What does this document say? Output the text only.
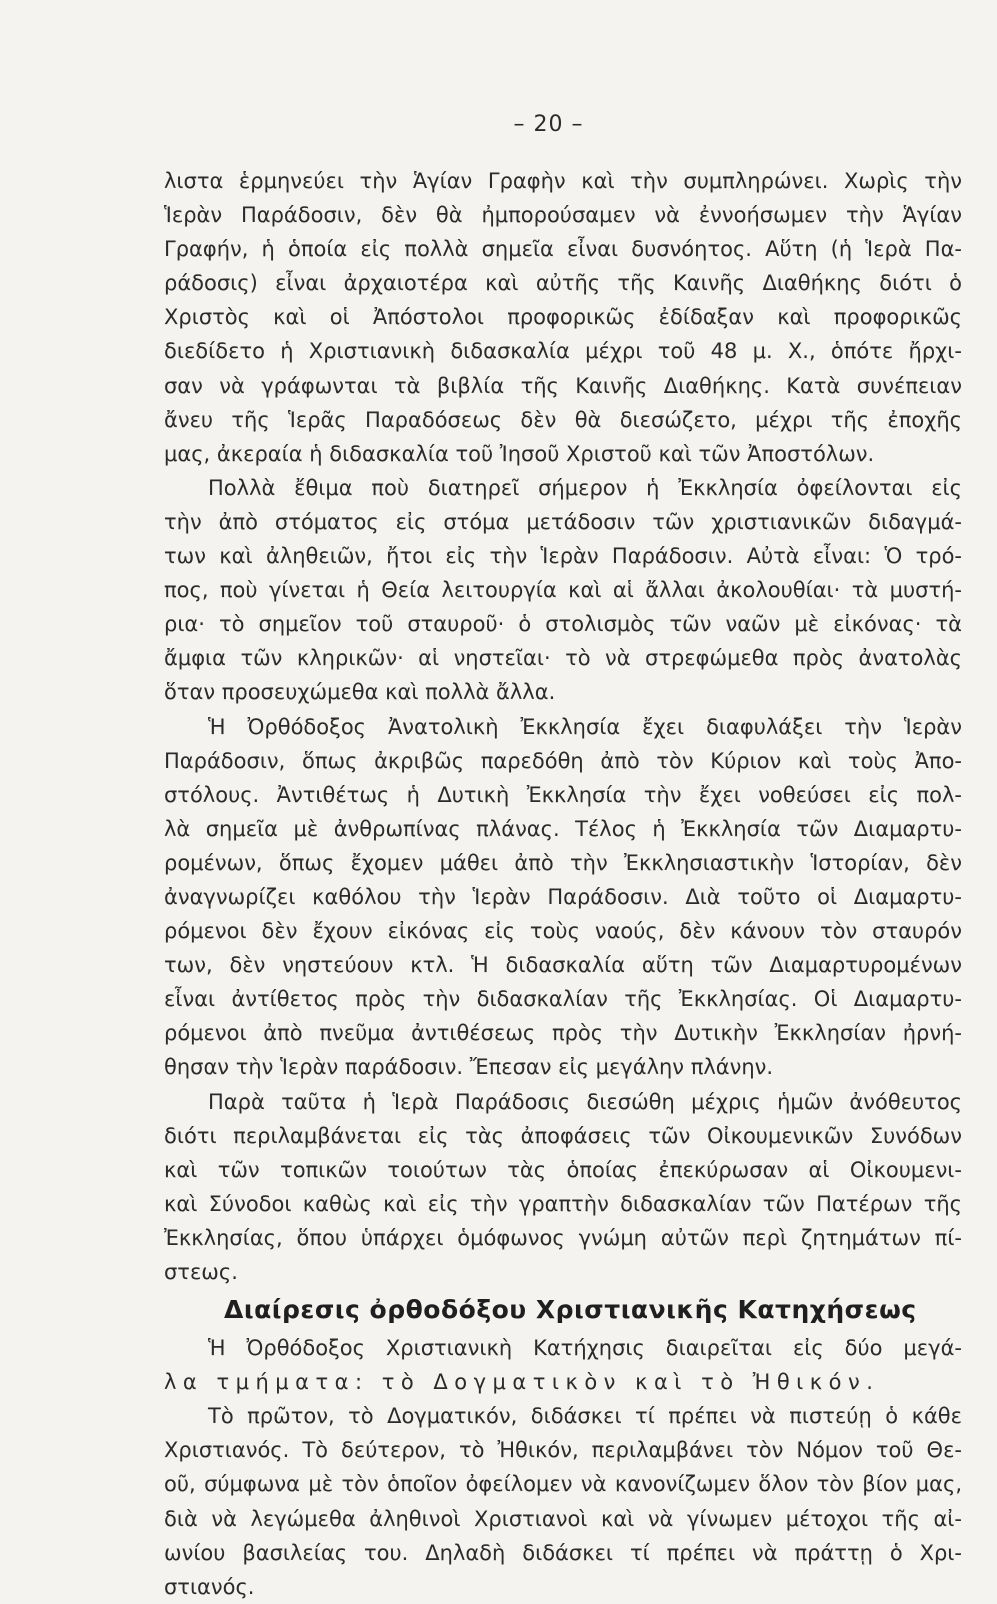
– 20 –
λιστα ἑρμηνεύει τὴν Ἁγίαν Γραφὴν καὶ τὴν συμπληρώνει. Χωρὶς τὴν
Ἱερὰν Παράδοσιν, δὲν θὰ ἠμπορούσαμεν νὰ ἐννοήσωμεν τὴν Ἁγίαν
Γραφήν, ἡ ὁποία εἰς πολλὰ σημεῖα εἶναι δυσνόητος. Αὕτη (ἡ Ἱερὰ Πα-
ράδοσις) εἶναι ἀρχαιοτέρα καὶ αὐτῆς τῆς Καινῆς Διαθήκης διότι ὁ
Χριστὸς καὶ οἱ Ἀπόστολοι προφορικῶς ἐδίδαξαν καὶ προφορικῶς
διεδίδετο ἡ Χριστιανικὴ διδασκαλία μέχρι τοῦ 48 μ. Χ., ὁπότε ἤρχι-
σαν νὰ γράφωνται τὰ βιβλία τῆς Καινῆς Διαθήκης. Κατὰ συνέπειαν
ἄνευ τῆς Ἱερᾶς Παραδόσεως δὲν θὰ διεσώζετο, μέχρι τῆς ἐποχῆς
μας, ἀκεραία ἡ διδασκαλία τοῦ Ἰησοῦ Χριστοῦ καὶ τῶν Ἀποστόλων.
Πολλὰ ἔθιμα ποὺ διατηρεῖ σήμερον ἡ Ἐκκλησία ὀφείλονται εἰς
τὴν ἀπὸ στόματος εἰς στόμα μετάδοσιν τῶν χριστιανικῶν διδαγμά-
των καὶ ἀληθειῶν, ἤτοι εἰς τὴν Ἱερὰν Παράδοσιν. Αὐτὰ εἶναι: Ὁ τρό-
πος, ποὺ γίνεται ἡ Θεία λειτουργία καὶ αἱ ἄλλαι ἀκολουθίαι· τὰ μυστή-
ρια· τὸ σημεῖον τοῦ σταυροῦ· ὁ στολισμὸς τῶν ναῶν μὲ εἰκόνας· τὰ
ἄμφια τῶν κληρικῶν· αἱ νηστεῖαι· τὸ νὰ στρεφώμεθα πρὸς ἀνατολὰς
ὅταν προσευχώμεθα καὶ πολλὰ ἄλλα.
Ἡ Ὀρθόδοξος Ἀνατολικὴ Ἐκκλησία ἔχει διαφυλάξει τὴν Ἱερὰν
Παράδοσιν, ὅπως ἀκριβῶς παρεδόθη ἀπὸ τὸν Κύριον καὶ τοὺς Ἀπο-
στόλους. Ἀντιθέτως ἡ Δυτικὴ Ἐκκλησία τὴν ἔχει νοθεύσει εἰς πολ-
λὰ σημεῖα μὲ ἀνθρωπίνας πλάνας. Τέλος ἡ Ἐκκλησία τῶν Διαμαρτυ-
ρομένων, ὅπως ἔχομεν μάθει ἀπὸ τὴν Ἐκκλησιαστικὴν Ἱστορίαν, δὲν
ἀναγνωρίζει καθόλου τὴν Ἱερὰν Παράδοσιν. Διὰ τοῦτο οἱ Διαμαρτυ-
ρόμενοι δὲν ἔχουν εἰκόνας εἰς τοὺς ναούς, δὲν κάνουν τὸν σταυρόν
των, δὲν νηστεύουν κτλ. Ἡ διδασκαλία αὕτη τῶν Διαμαρτυρομένων
εἶναι ἀντίθετος πρὸς τὴν διδασκαλίαν τῆς Ἐκκλησίας. Οἱ Διαμαρτυ-
ρόμενοι ἀπὸ πνεῦμα ἀντιθέσεως πρὸς τὴν Δυτικὴν Ἐκκλησίαν ἠρνή-
θησαν τὴν Ἱερὰν παράδοσιν. Ἔπεσαν εἰς μεγάλην πλάνην.
Παρὰ ταῦτα ἡ Ἱερὰ Παράδοσις διεσώθη μέχρις ἡμῶν ἀνόθευτος
διότι περιλαμβάνεται εἰς τὰς ἀποφάσεις τῶν Οἰκουμενικῶν Συνόδων
καὶ τῶν τοπικῶν τοιούτων τὰς ὁποίας ἐπεκύρωσαν αἱ Οἰκουμενι-
καὶ Σύνοδοι καθὼς καὶ εἰς τὴν γραπτὴν διδασκαλίαν τῶν Πατέρων τῆς
Ἐκκλησίας, ὅπου ὑπάρχει ὁμόφωνος γνώμη αὐτῶν περὶ ζητημάτων πί-
στεως.
Διαίρεσις ὀρθοδόξου Χριστιανικῆς Κατηχήσεως
Ἡ Ὀρθόδοξος Χριστιανικὴ Κατήχησις διαιρεῖται εἰς δύο μεγά-
λα τμήματα: τὸ Δογματικὸν καὶ τὸ Ἠθικόν.
Τὸ πρῶτον, τὸ Δογματικόν, διδάσκει τί πρέπει νὰ πιστεύῃ ὁ κάθε
Χριστιανός. Τὸ δεύτερον, τὸ Ἠθικόν, περιλαμβάνει τὸν Νόμον τοῦ Θε-
οῦ, σύμφωνα μὲ τὸν ὁποῖον ὀφείλομεν νὰ κανονίζωμεν ὅλον τὸν βίον μας,
διὰ νὰ λεγώμεθα ἀληθινοὶ Χριστιανοὶ καὶ νὰ γίνωμεν μέτοχοι τῆς αἰ-
ωνίου βασιλείας του. Δηλαδὴ διδάσκει τί πρέπει νὰ πράττῃ ὁ Χρι-
στιανός.
